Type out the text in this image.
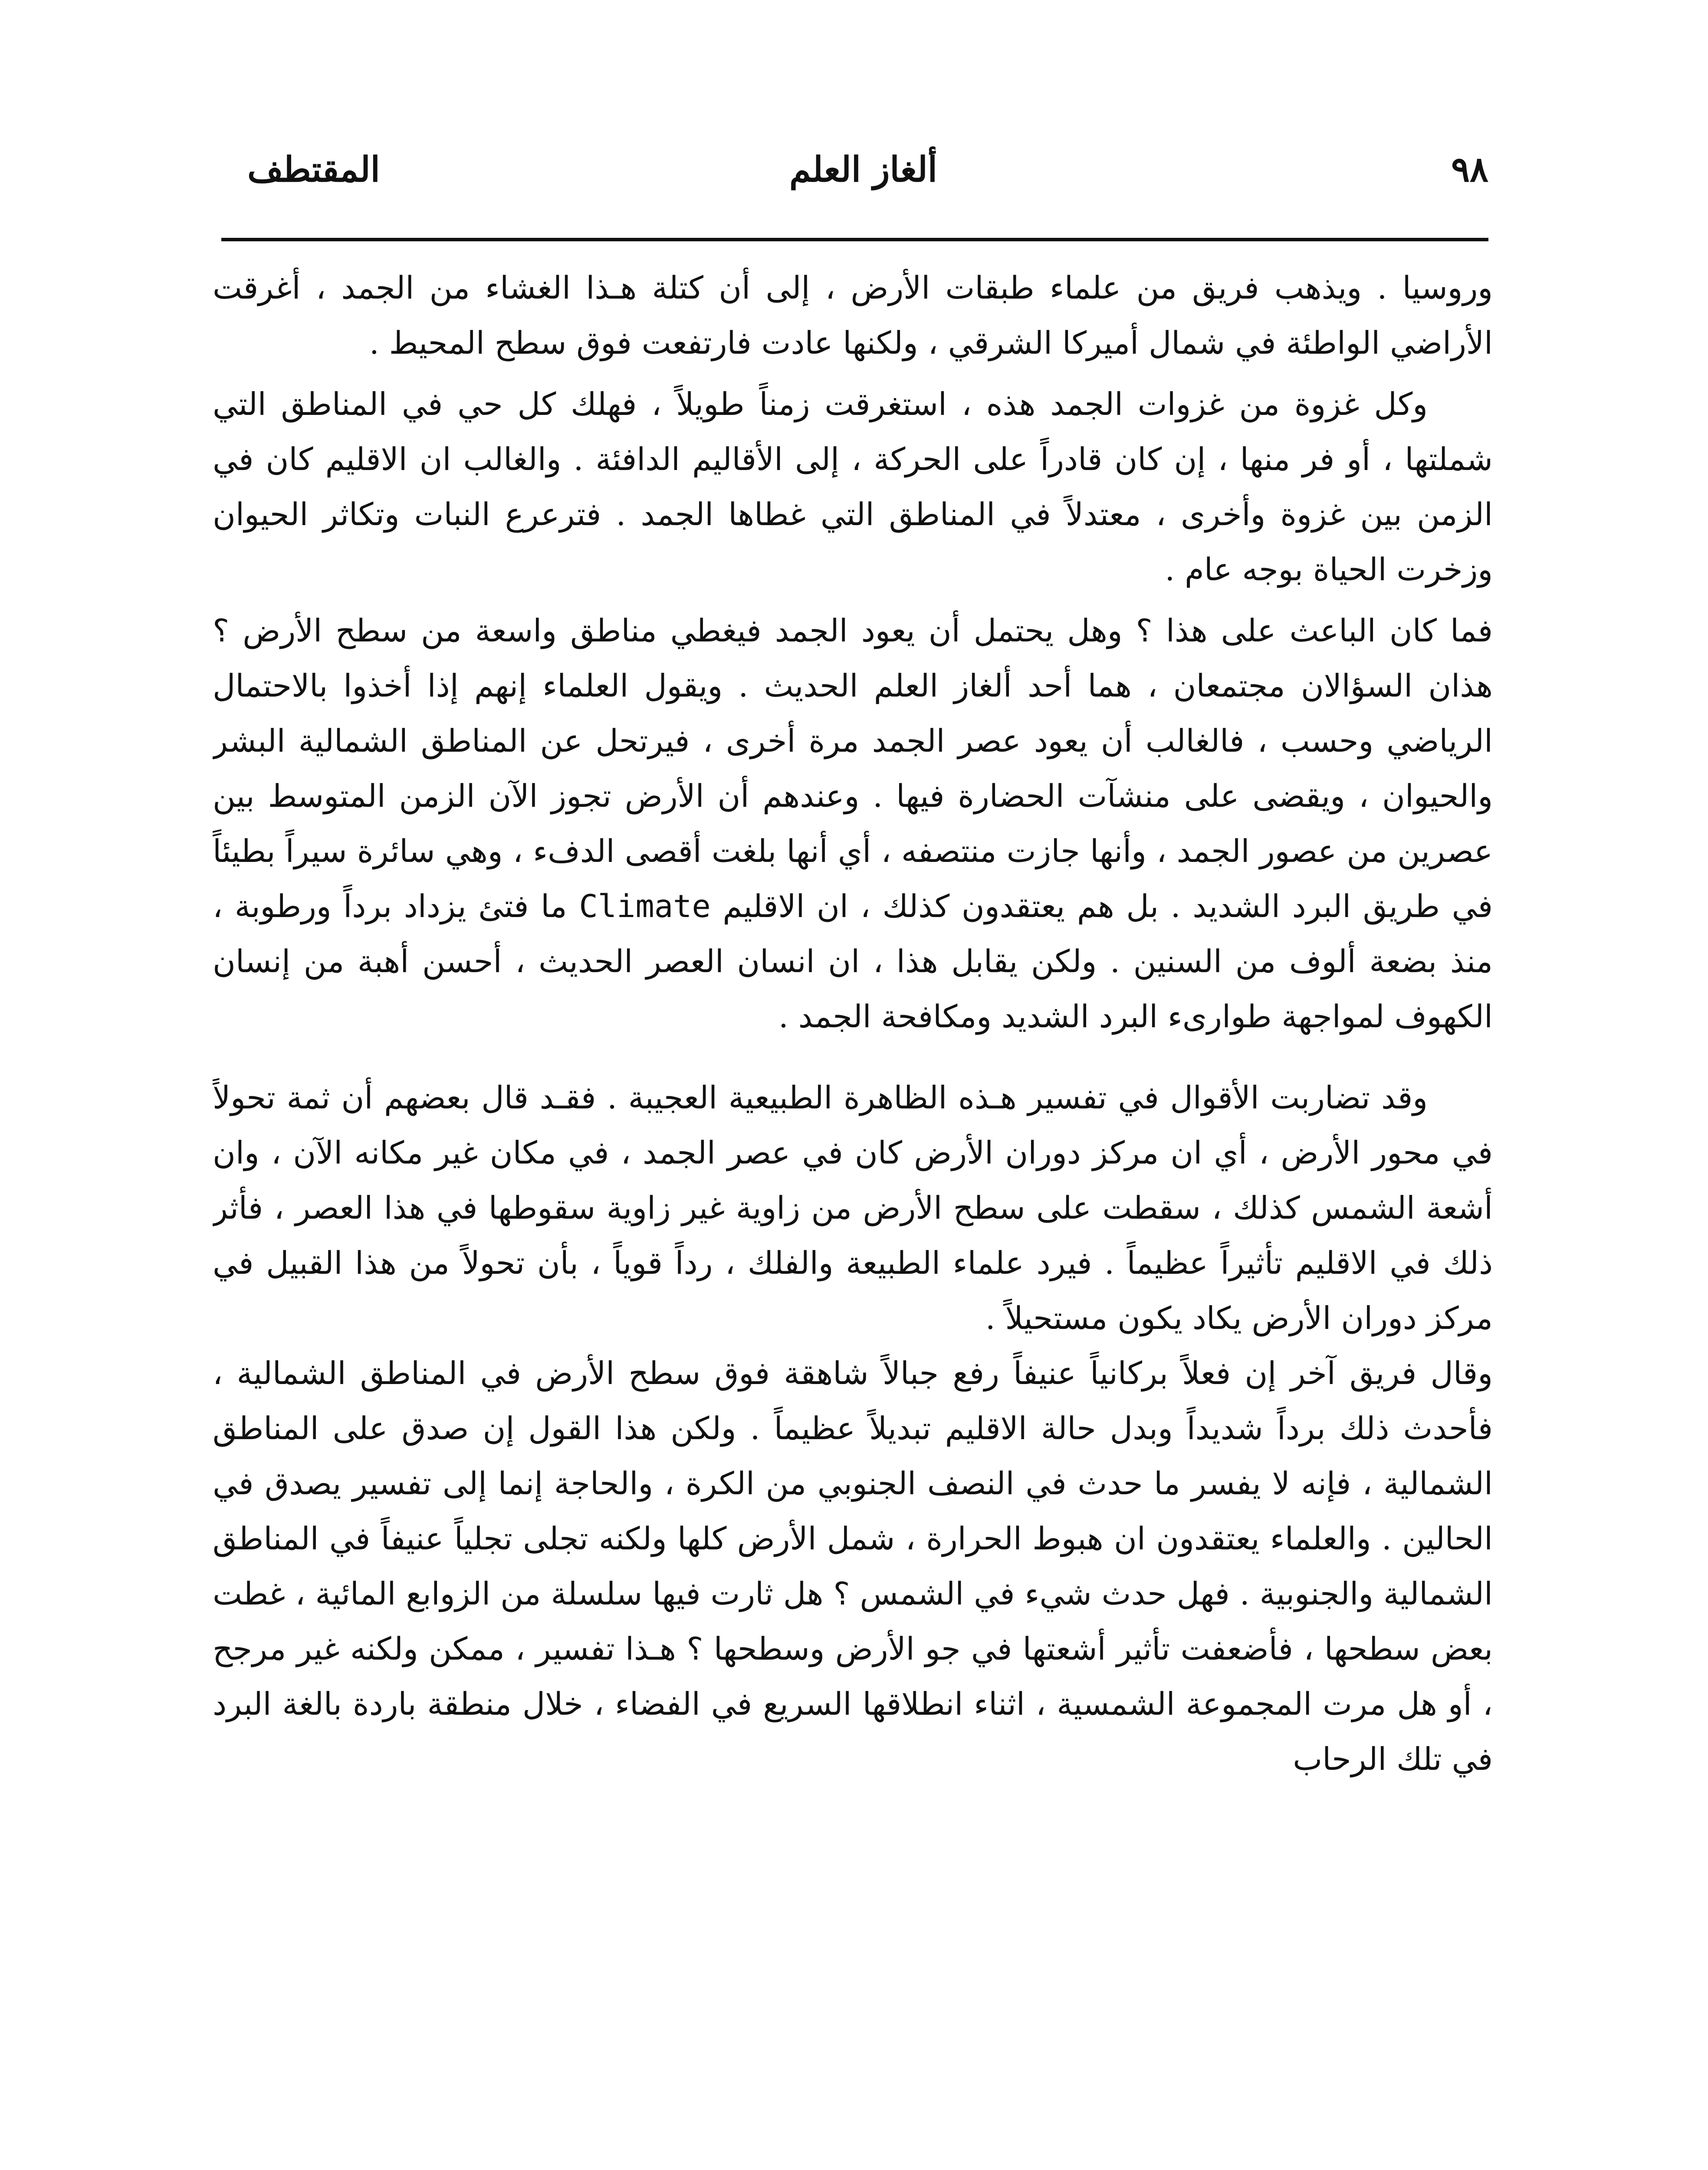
٩٨
ألغاز العلم
المقتطف

وروسيا . ويذهب فريق من علماء طبقات الأرض ، إلى أن كتلة هـذا الغشاء من الجمد ، أغرقت الأراضي الواطئة في شمال أميركا الشرقي ، ولكنها عادت فارتفعت فوق سطح المحيط .

وكل غزوة من غزوات الجمد هذه ، استغرقت زمناً طويلاً ، فهلك كل حي في المناطق التي شملتها ، أو فر منها ، إن كان قادراً على الحركة ، إلى الأقاليم الدافئة . والغالب ان الاقليم كان في الزمن بين غزوة وأخرى ، معتدلاً في المناطق التي غطاها الجمد . فترعرع النبات وتكاثر الحيوان وزخرت الحياة بوجه عام .

فما كان الباعث على هذا ؟ وهل يحتمل أن يعود الجمد فيغطي مناطق واسعة من سطح الأرض ؟ هذان السؤالان مجتمعان ، هما أحد ألغاز العلم الحديث . ويقول العلماء إنهم إذا أخذوا بالاحتمال الرياضي وحسب ، فالغالب أن يعود عصر الجمد مرة أخرى ، فيرتحل عن المناطق الشمالية البشر والحيوان ، ويقضى على منشآت الحضارة فيها . وعندهم أن الأرض تجوز الآن الزمن المتوسط بين عصرين من عصور الجمد ، وأنها جازت منتصفه ، أي أنها بلغت أقصى الدفء ، وهي سائرة سيراً بطيئاً في طريق البرد الشديد . بل هم يعتقدون كذلك ، ان الاقليم Climate ما فتئ يزداد برداً ورطوبة ، منذ بضعة ألوف من السنين . ولكن يقابل هذا ، ان انسان العصر الحديث ، أحسن أهبة من إنسان الكهوف لمواجهة طوارىء البرد الشديد ومكافحة الجمد .

وقد تضاربت الأقوال في تفسير هـذه الظاهرة الطبيعية العجيبة . فقـد قال بعضهم أن ثمة تحولاً في محور الأرض ، أي ان مركز دوران الأرض كان في عصر الجمد ، في مكان غير مكانه الآن ، وان أشعة الشمس كذلك ، سقطت على سطح الأرض من زاوية غير زاوية سقوطها في هذا العصر ، فأثر ذلك في الاقليم تأثيراً عظيماً . فيرد علماء الطبيعة والفلك ، رداً قوياً ، بأن تحولاً من هذا القبيل في مركز دوران الأرض يكاد يكون مستحيلاً .

وقال فريق آخر إن فعلاً بركانياً عنيفاً رفع جبالاً شاهقة فوق سطح الأرض في المناطق الشمالية ، فأحدث ذلك برداً شديداً وبدل حالة الاقليم تبديلاً عظيماً . ولكن هذا القول إن صدق على المناطق الشمالية ، فإنه لا يفسر ما حدث في النصف الجنوبي من الكرة ، والحاجة إنما إلى تفسير يصدق في الحالين . والعلماء يعتقدون ان هبوط الحرارة ، شمل الأرض كلها ولكنه تجلى تجلياً عنيفاً في المناطق الشمالية والجنوبية . فهل حدث شيء في الشمس ؟ هل ثارت فيها سلسلة من الزوابع المائية ، غطت بعض سطحها ، فأضعفت تأثير أشعتها في جو الأرض وسطحها ؟ هـذا تفسير ، ممكن ولكنه غير مرجح ، أو هل مرت المجموعة الشمسية ، اثناء انطلاقها السريع في الفضاء ، خلال منطقة باردة بالغة البرد في تلك الرحاب
